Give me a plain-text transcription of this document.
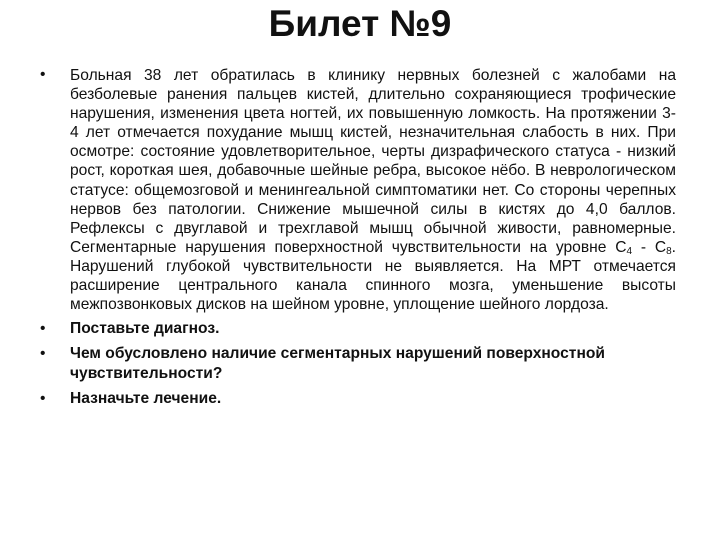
Билет №9
•	Больная 38 лет обратилась в клинику нервных болезней с жалобами на безболевые ранения пальцев кистей, длительно сохраняющиеся трофические нарушения, изменения цвета ногтей, их повышенную ломкость. На протяжении 3-4 лет отмечается похудание мышц кистей, незначительная слабость в них. При осмотре: состояние удовлетворительное, черты дизрафического статуса - низкий рост, короткая шея, добавочные шейные ребра, высокое нёбо. В неврологическом статусе: общемозговой и менингеальной симптоматики нет. Со стороны черепных нервов без патологии. Снижение мышечной силы в кистях до 4,0 баллов. Рефлексы с двуглавой и трехглавой мышц обычной живости, равномерные. Сегментарные нарушения поверхностной чувствительности на уровне $С_4 - С_8$. Нарушений глубокой чувствительности не выявляется. На МРТ отмечается расширение центрального канала спинного мозга, уменьшение высоты межпозвонковых дисков на шейном уровне, уплощение шейного лордоза.
•	Поставьте диагноз.
•	Чем обусловлено наличие сегментарных нарушений поверхностной чувствительности?
•	Назначьте лечение.
